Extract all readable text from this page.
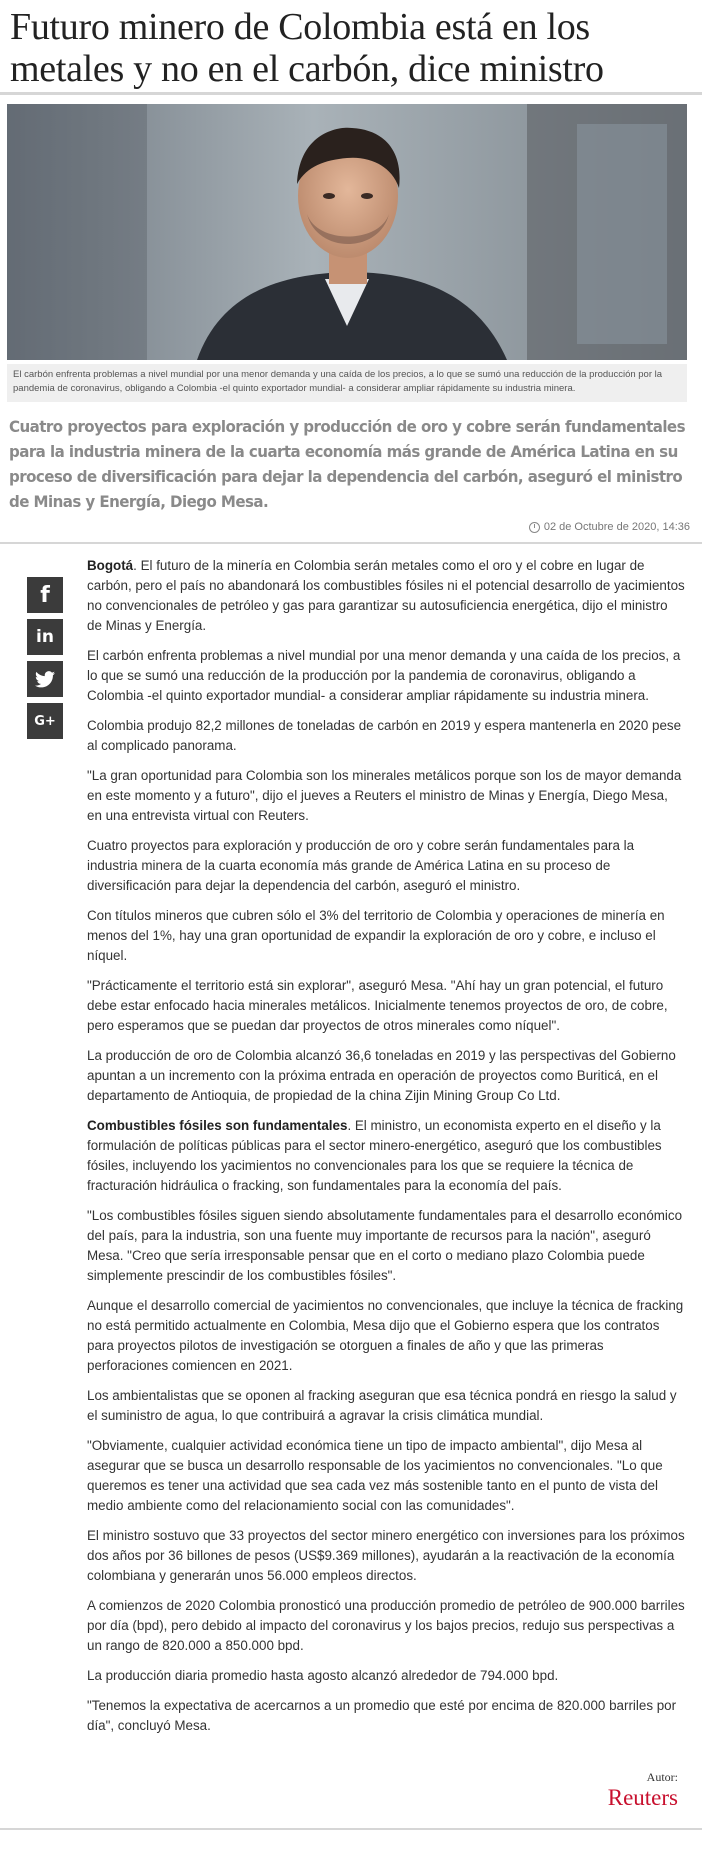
Futuro minero de Colombia está en los metales y no en el carbón, dice ministro
El carbón enfrenta problemas a nivel mundial por una menor demanda y una caída de los precios, a lo que se sumó una reducción de la producción por la pandemia de coronavirus, obligando a Colombia -el quinto exportador mundial- a considerar ampliar rápidamente su industria minera.

Cuatro proyectos para exploración y producción de oro y cobre serán fundamentales para la industria minera de la cuarta economía más grande de América Latina en su proceso de diversificación para dejar la dependencia del carbón, aseguró el ministro de Minas y Energía, Diego Mesa.

02 de Octubre de 2020, 14:36
f
in
G+

Bogotá. El futuro de la minería en Colombia serán metales como el oro y el cobre en lugar de carbón, pero el país no abandonará los combustibles fósiles ni el potencial desarrollo de yacimientos no convencionales de petróleo y gas para garantizar su autosuficiencia energética, dijo el ministro de Minas y Energía.

El carbón enfrenta problemas a nivel mundial por una menor demanda y una caída de los precios, a lo que se sumó una reducción de la producción por la pandemia de coronavirus, obligando a Colombia -el quinto exportador mundial- a considerar ampliar rápidamente su industria minera.

Colombia produjo 82,2 millones de toneladas de carbón en 2019 y espera mantenerla en 2020 pese al complicado panorama.

"La gran oportunidad para Colombia son los minerales metálicos porque son los de mayor demanda en este momento y a futuro", dijo el jueves a Reuters el ministro de Minas y Energía, Diego Mesa, en una entrevista virtual con Reuters.

Cuatro proyectos para exploración y producción de oro y cobre serán fundamentales para la industria minera de la cuarta economía más grande de América Latina en su proceso de diversificación para dejar la dependencia del carbón, aseguró el ministro.

Con títulos mineros que cubren sólo el 3% del territorio de Colombia y operaciones de minería en menos del 1%, hay una gran oportunidad de expandir la exploración de oro y cobre, e incluso el níquel.

"Prácticamente el territorio está sin explorar", aseguró Mesa. "Ahí hay un gran potencial, el futuro debe estar enfocado hacia minerales metálicos. Inicialmente tenemos proyectos de oro, de cobre, pero esperamos que se puedan dar proyectos de otros minerales como níquel".

La producción de oro de Colombia alcanzó 36,6 toneladas en 2019 y las perspectivas del Gobierno apuntan a un incremento con la próxima entrada en operación de proyectos como Buriticá, en el departamento de Antioquia, de propiedad de la china Zijin Mining Group Co Ltd.

Combustibles fósiles son fundamentales. El ministro, un economista experto en el diseño y la formulación de políticas públicas para el sector minero-energético, aseguró que los combustibles fósiles, incluyendo los yacimientos no convencionales para los que se requiere la técnica de fracturación hidráulica o fracking, son fundamentales para la economía del país.

"Los combustibles fósiles siguen siendo absolutamente fundamentales para el desarrollo económico del país, para la industria, son una fuente muy importante de recursos para la nación", aseguró Mesa. "Creo que sería irresponsable pensar que en el corto o mediano plazo Colombia puede simplemente prescindir de los combustibles fósiles".

Aunque el desarrollo comercial de yacimientos no convencionales, que incluye la técnica de fracking no está permitido actualmente en Colombia, Mesa dijo que el Gobierno espera que los contratos para proyectos pilotos de investigación se otorguen a finales de año y que las primeras perforaciones comiencen en 2021.

Los ambientalistas que se oponen al fracking aseguran que esa técnica pondrá en riesgo la salud y el suministro de agua, lo que contribuirá a agravar la crisis climática mundial.

"Obviamente, cualquier actividad económica tiene un tipo de impacto ambiental", dijo Mesa al asegurar que se busca un desarrollo responsable de los yacimientos no convencionales. "Lo que queremos es tener una actividad que sea cada vez más sostenible tanto en el punto de vista del medio ambiente como del relacionamiento social con las comunidades".

El ministro sostuvo que 33 proyectos del sector minero energético con inversiones para los próximos dos años por 36 billones de pesos (US$9.369 millones), ayudarán a la reactivación de la economía colombiana y generarán unos 56.000 empleos directos.

A comienzos de 2020 Colombia pronosticó una producción promedio de petróleo de 900.000 barriles por día (bpd), pero debido al impacto del coronavirus y los bajos precios, redujo sus perspectivas a un rango de 820.000 a 850.000 bpd.

La producción diaria promedio hasta agosto alcanzó alrededor de 794.000 bpd.

"Tenemos la expectativa de acercarnos a un promedio que esté por encima de 820.000 barriles por día", concluyó Mesa.

Autor:
Reuters
